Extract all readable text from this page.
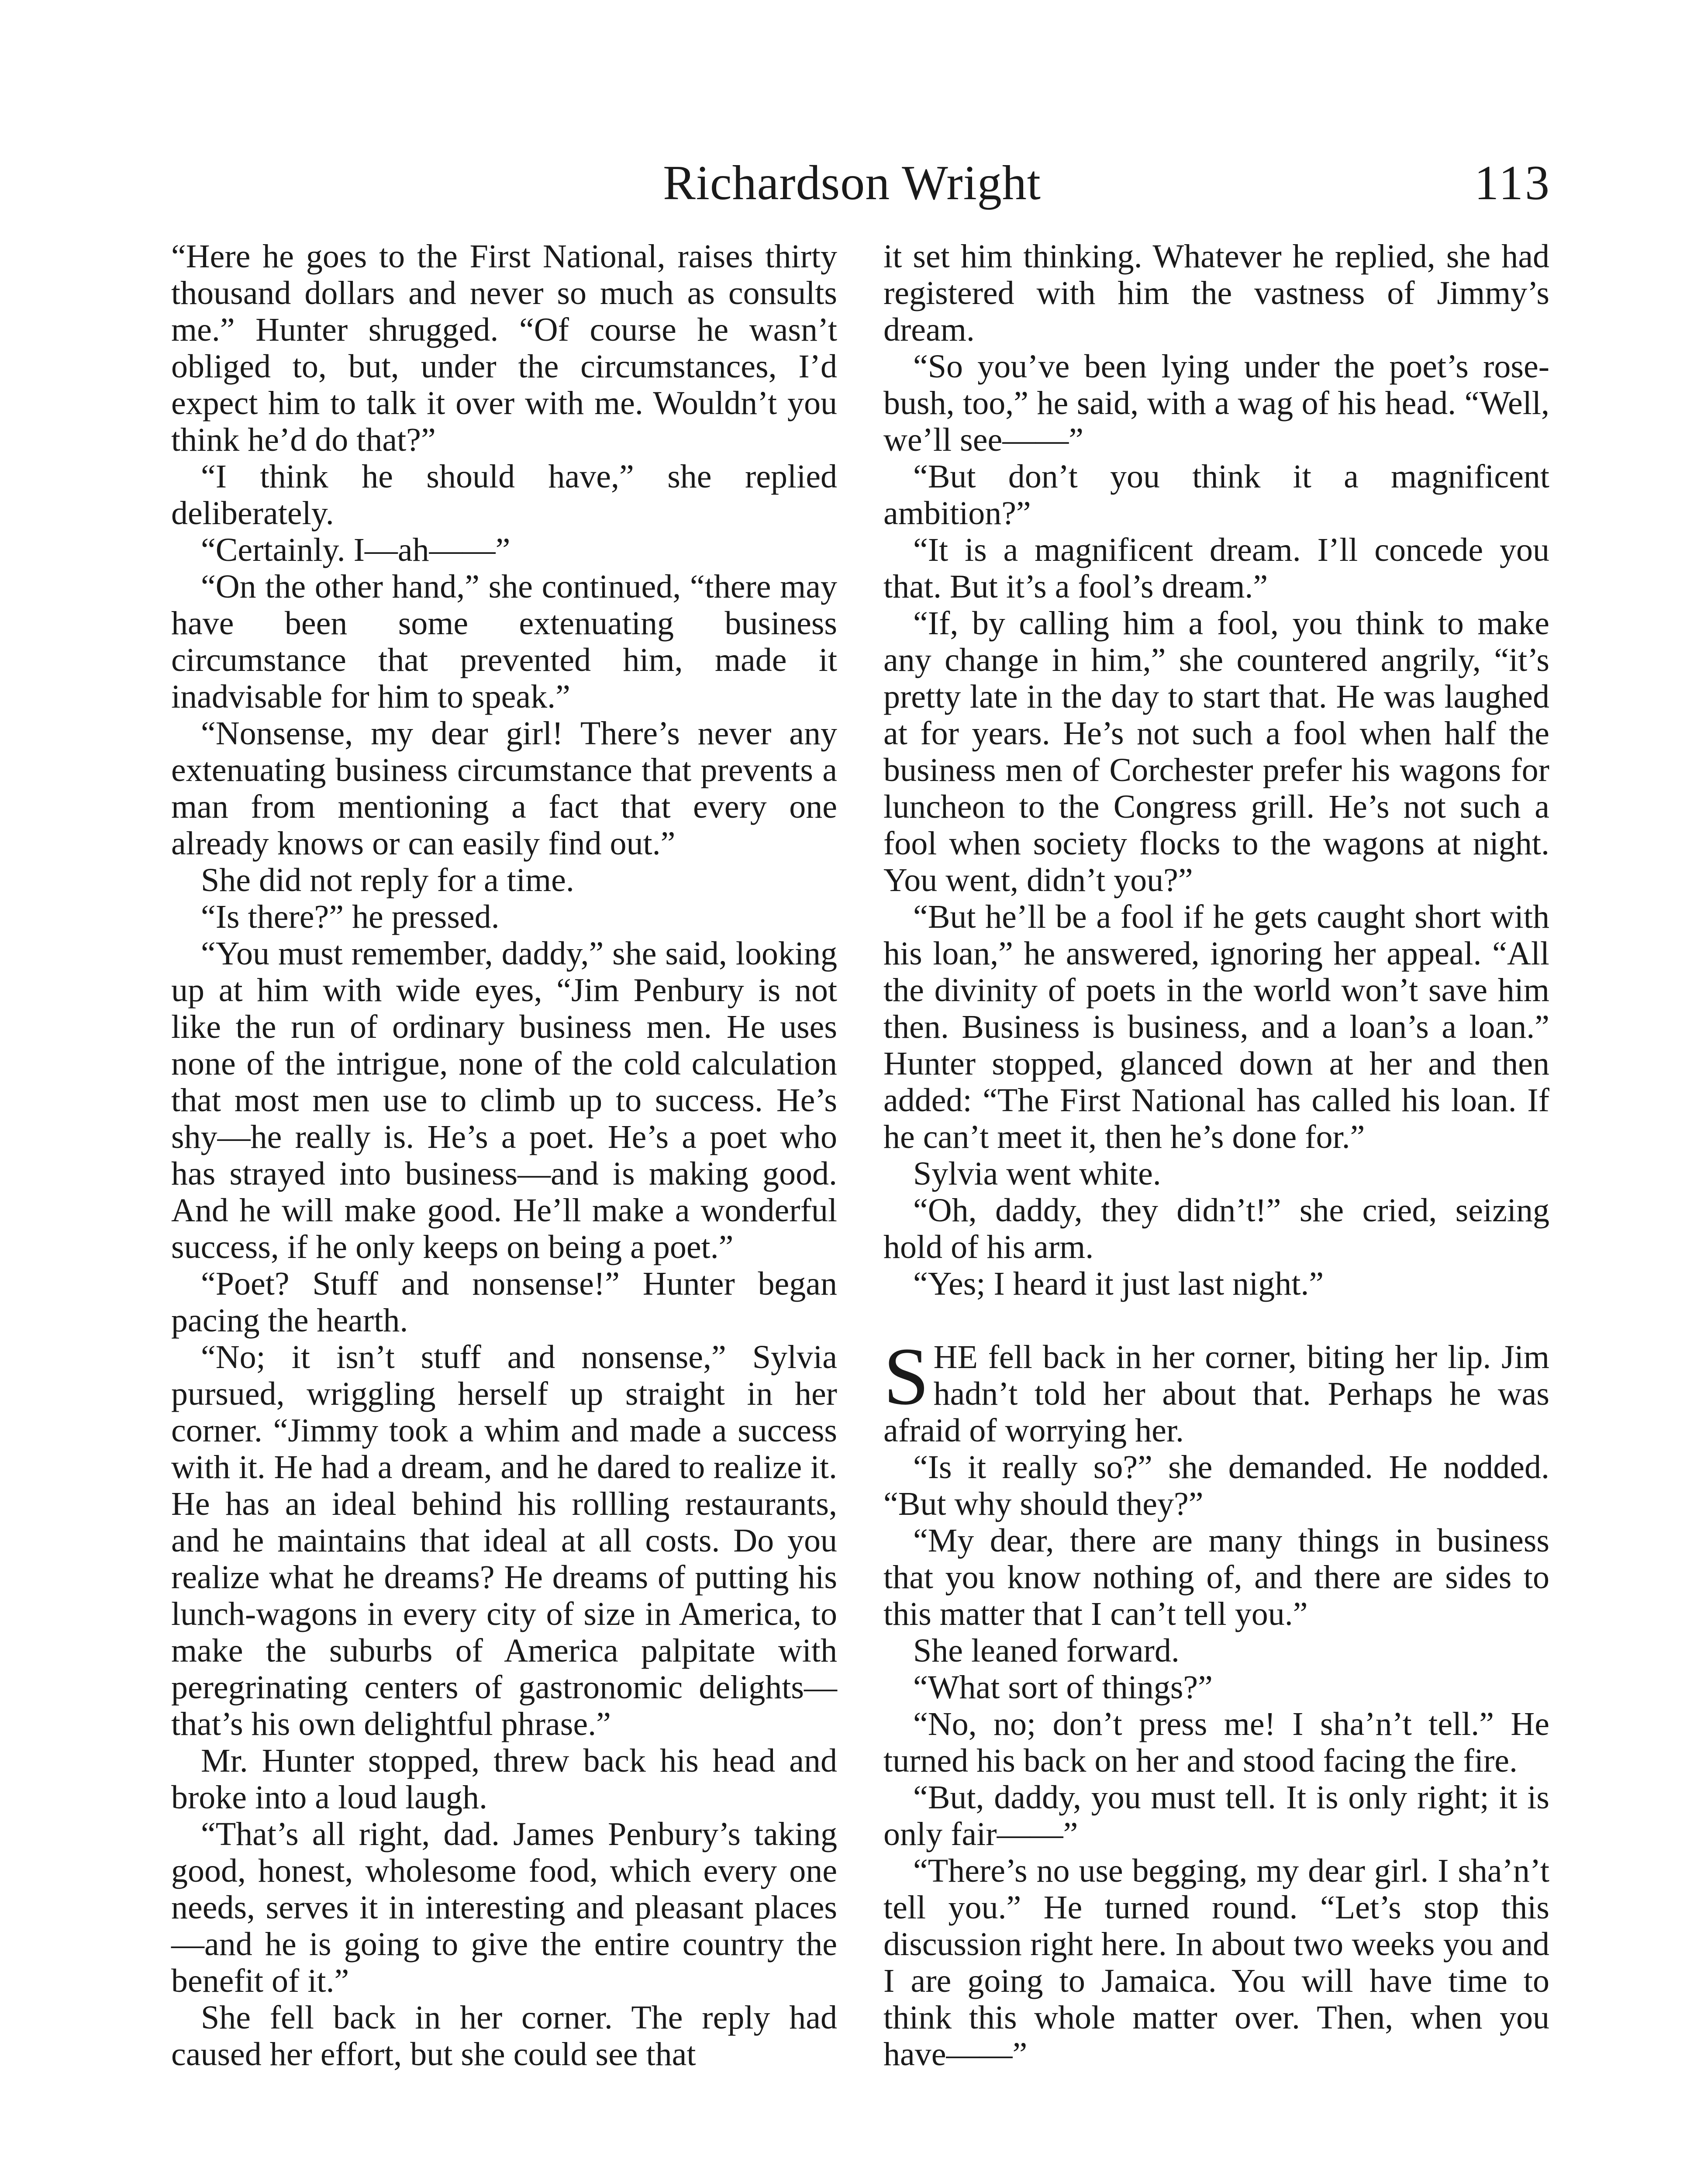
Richardson Wright	113

“Here he goes to the First National, raises thirty thousand dollars and never so much as consults me.” Hunter shrugged. “Of course he wasn’t obliged to, but, under the circumstances, I’d expect him to talk it over with me. Wouldn’t you think he’d do that?”

“I think he should have,” she replied deliberately.

“Certainly. I—ah——”

“On the other hand,” she continued, “there may have been some extenuating business circumstance that prevented him, made it inadvisable for him to speak.”

“Nonsense, my dear girl! There’s never any extenuating business circumstance that prevents a man from mentioning a fact that every one already knows or can easily find out.”

She did not reply for a time.

“Is there?” he pressed.

“You must remember, daddy,” she said, looking up at him with wide eyes, “Jim Penbury is not like the run of ordinary business men. He uses none of the intrigue, none of the cold calculation that most men use to climb up to success. He’s shy—he really is. He’s a poet. He’s a poet who has strayed into business—and is making good. And he will make good. He’ll make a wonderful success, if he only keeps on being a poet.”

“Poet? Stuff and nonsense!” Hunter began pacing the hearth.

“No; it isn’t stuff and nonsense,” Sylvia pursued, wriggling herself up straight in her corner. “Jimmy took a whim and made a success with it. He had a dream, and he dared to realize it. He has an ideal behind his rollling restaurants, and he maintains that ideal at all costs. Do you realize what he dreams? He dreams of putting his lunch-wagons in every city of size in America, to make the suburbs of America palpitate with peregrinating centers of gastronomic delights—that’s his own delightful phrase.”

Mr. Hunter stopped, threw back his head and broke into a loud laugh.

“That’s all right, dad. James Penbury’s taking good, honest, wholesome food, which every one needs, serves it in interesting and pleasant places—and he is going to give the entire country the benefit of it.”

She fell back in her corner. The reply had caused her effort, but she could see that

it set him thinking. Whatever he replied, she had registered with him the vastness of Jimmy’s dream.

“So you’ve been lying under the poet’s rose-bush, too,” he said, with a wag of his head. “Well, we’ll see——”

“But don’t you think it a magnificent ambition?”

“It is a magnificent dream. I’ll concede you that. But it’s a fool’s dream.”

“If, by calling him a fool, you think to make any change in him,” she countered angrily, “it’s pretty late in the day to start that. He was laughed at for years. He’s not such a fool when half the business men of Corchester prefer his wagons for luncheon to the Congress grill. He’s not such a fool when society flocks to the wagons at night. You went, didn’t you?”

“But he’ll be a fool if he gets caught short with his loan,” he answered, ignoring her appeal. “All the divinity of poets in the world won’t save him then. Business is business, and a loan’s a loan.” Hunter stopped, glanced down at her and then added: “The First National has called his loan. If he can’t meet it, then he’s done for.”

Sylvia went white.

“Oh, daddy, they didn’t!” she cried, seizing hold of his arm.

“Yes; I heard it just last night.”

SHE fell back in her corner, biting her lip. Jim hadn’t told her about that. Perhaps he was afraid of worrying her.

“Is it really so?” she demanded. He nodded. “But why should they?”

“My dear, there are many things in business that you know nothing of, and there are sides to this matter that I can’t tell you.”

She leaned forward.

“What sort of things?”

“No, no; don’t press me! I sha’n’t tell.” He turned his back on her and stood facing the fire.

“But, daddy, you must tell. It is only right; it is only fair——”

“There’s no use begging, my dear girl. I sha’n’t tell you.” He turned round. “Let’s stop this discussion right here. In about two weeks you and I are going to Jamaica. You will have time to think this whole matter over. Then, when you have——”
